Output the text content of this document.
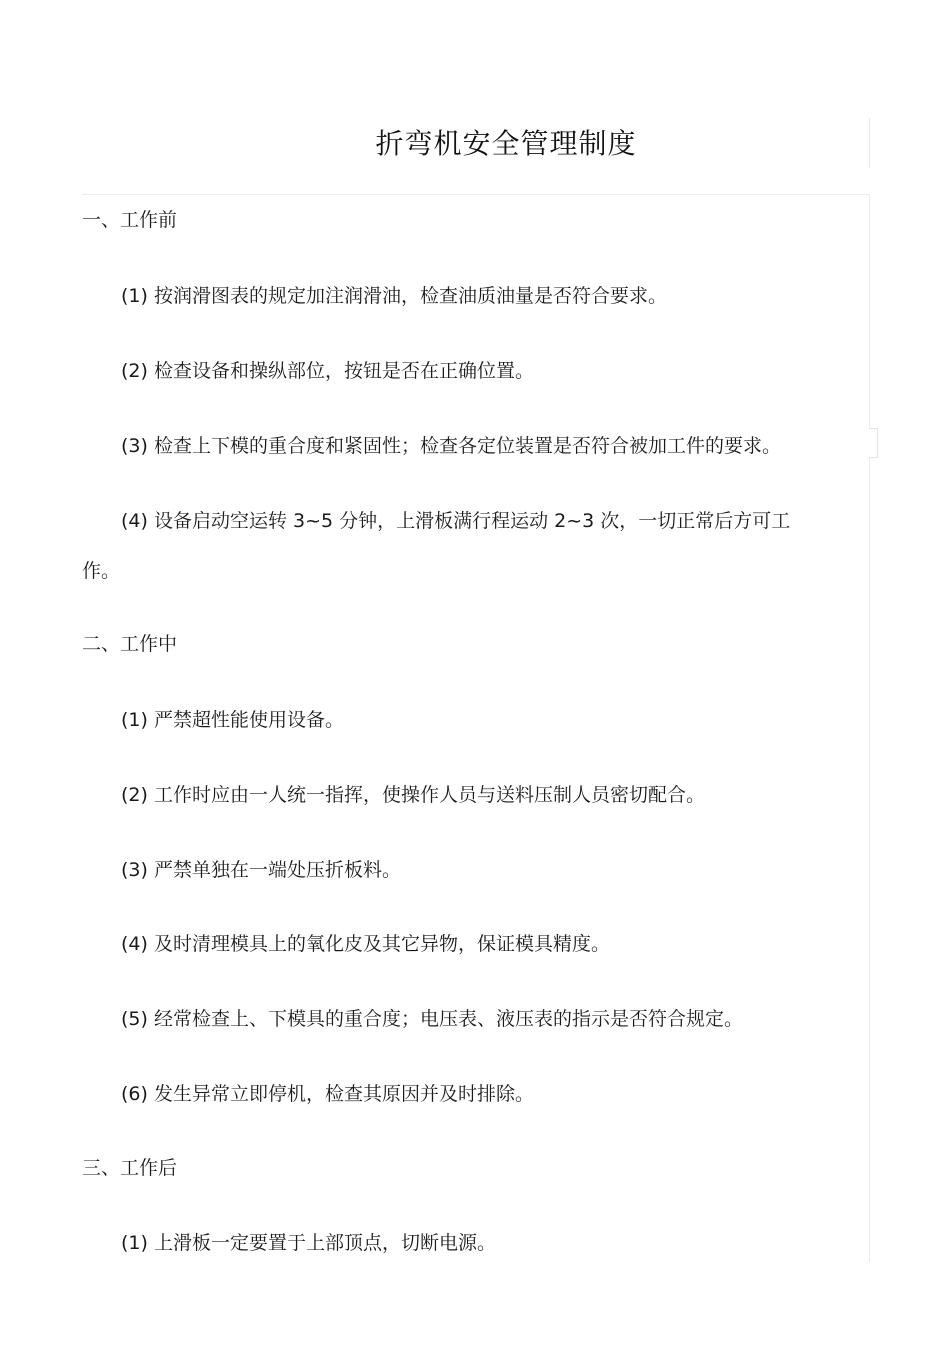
折弯机安全管理制度
一、工作前
(1) 按润滑图表的规定加注润滑油，检查油质油量是否符合要求。
(2) 检查设备和操纵部位，按钮是否在正确位置。
(3) 检查上下模的重合度和紧固性；检查各定位装置是否符合被加工件的要求。
(4) 设备启动空运转 3~5 分钟，上滑板满行程运动 2~3 次，一切正常后方可工
作。
二、工作中
(1) 严禁超性能使用设备。
(2) 工作时应由一人统一指挥，使操作人员与送料压制人员密切配合。
(3) 严禁单独在一端处压折板料。
(4) 及时清理模具上的氧化皮及其它异物，保证模具精度。
(5) 经常检查上、下模具的重合度；电压表、液压表的指示是否符合规定。
(6) 发生异常立即停机，检查其原因并及时排除。
三、工作后
(1) 上滑板一定要置于上部顶点，切断电源。
